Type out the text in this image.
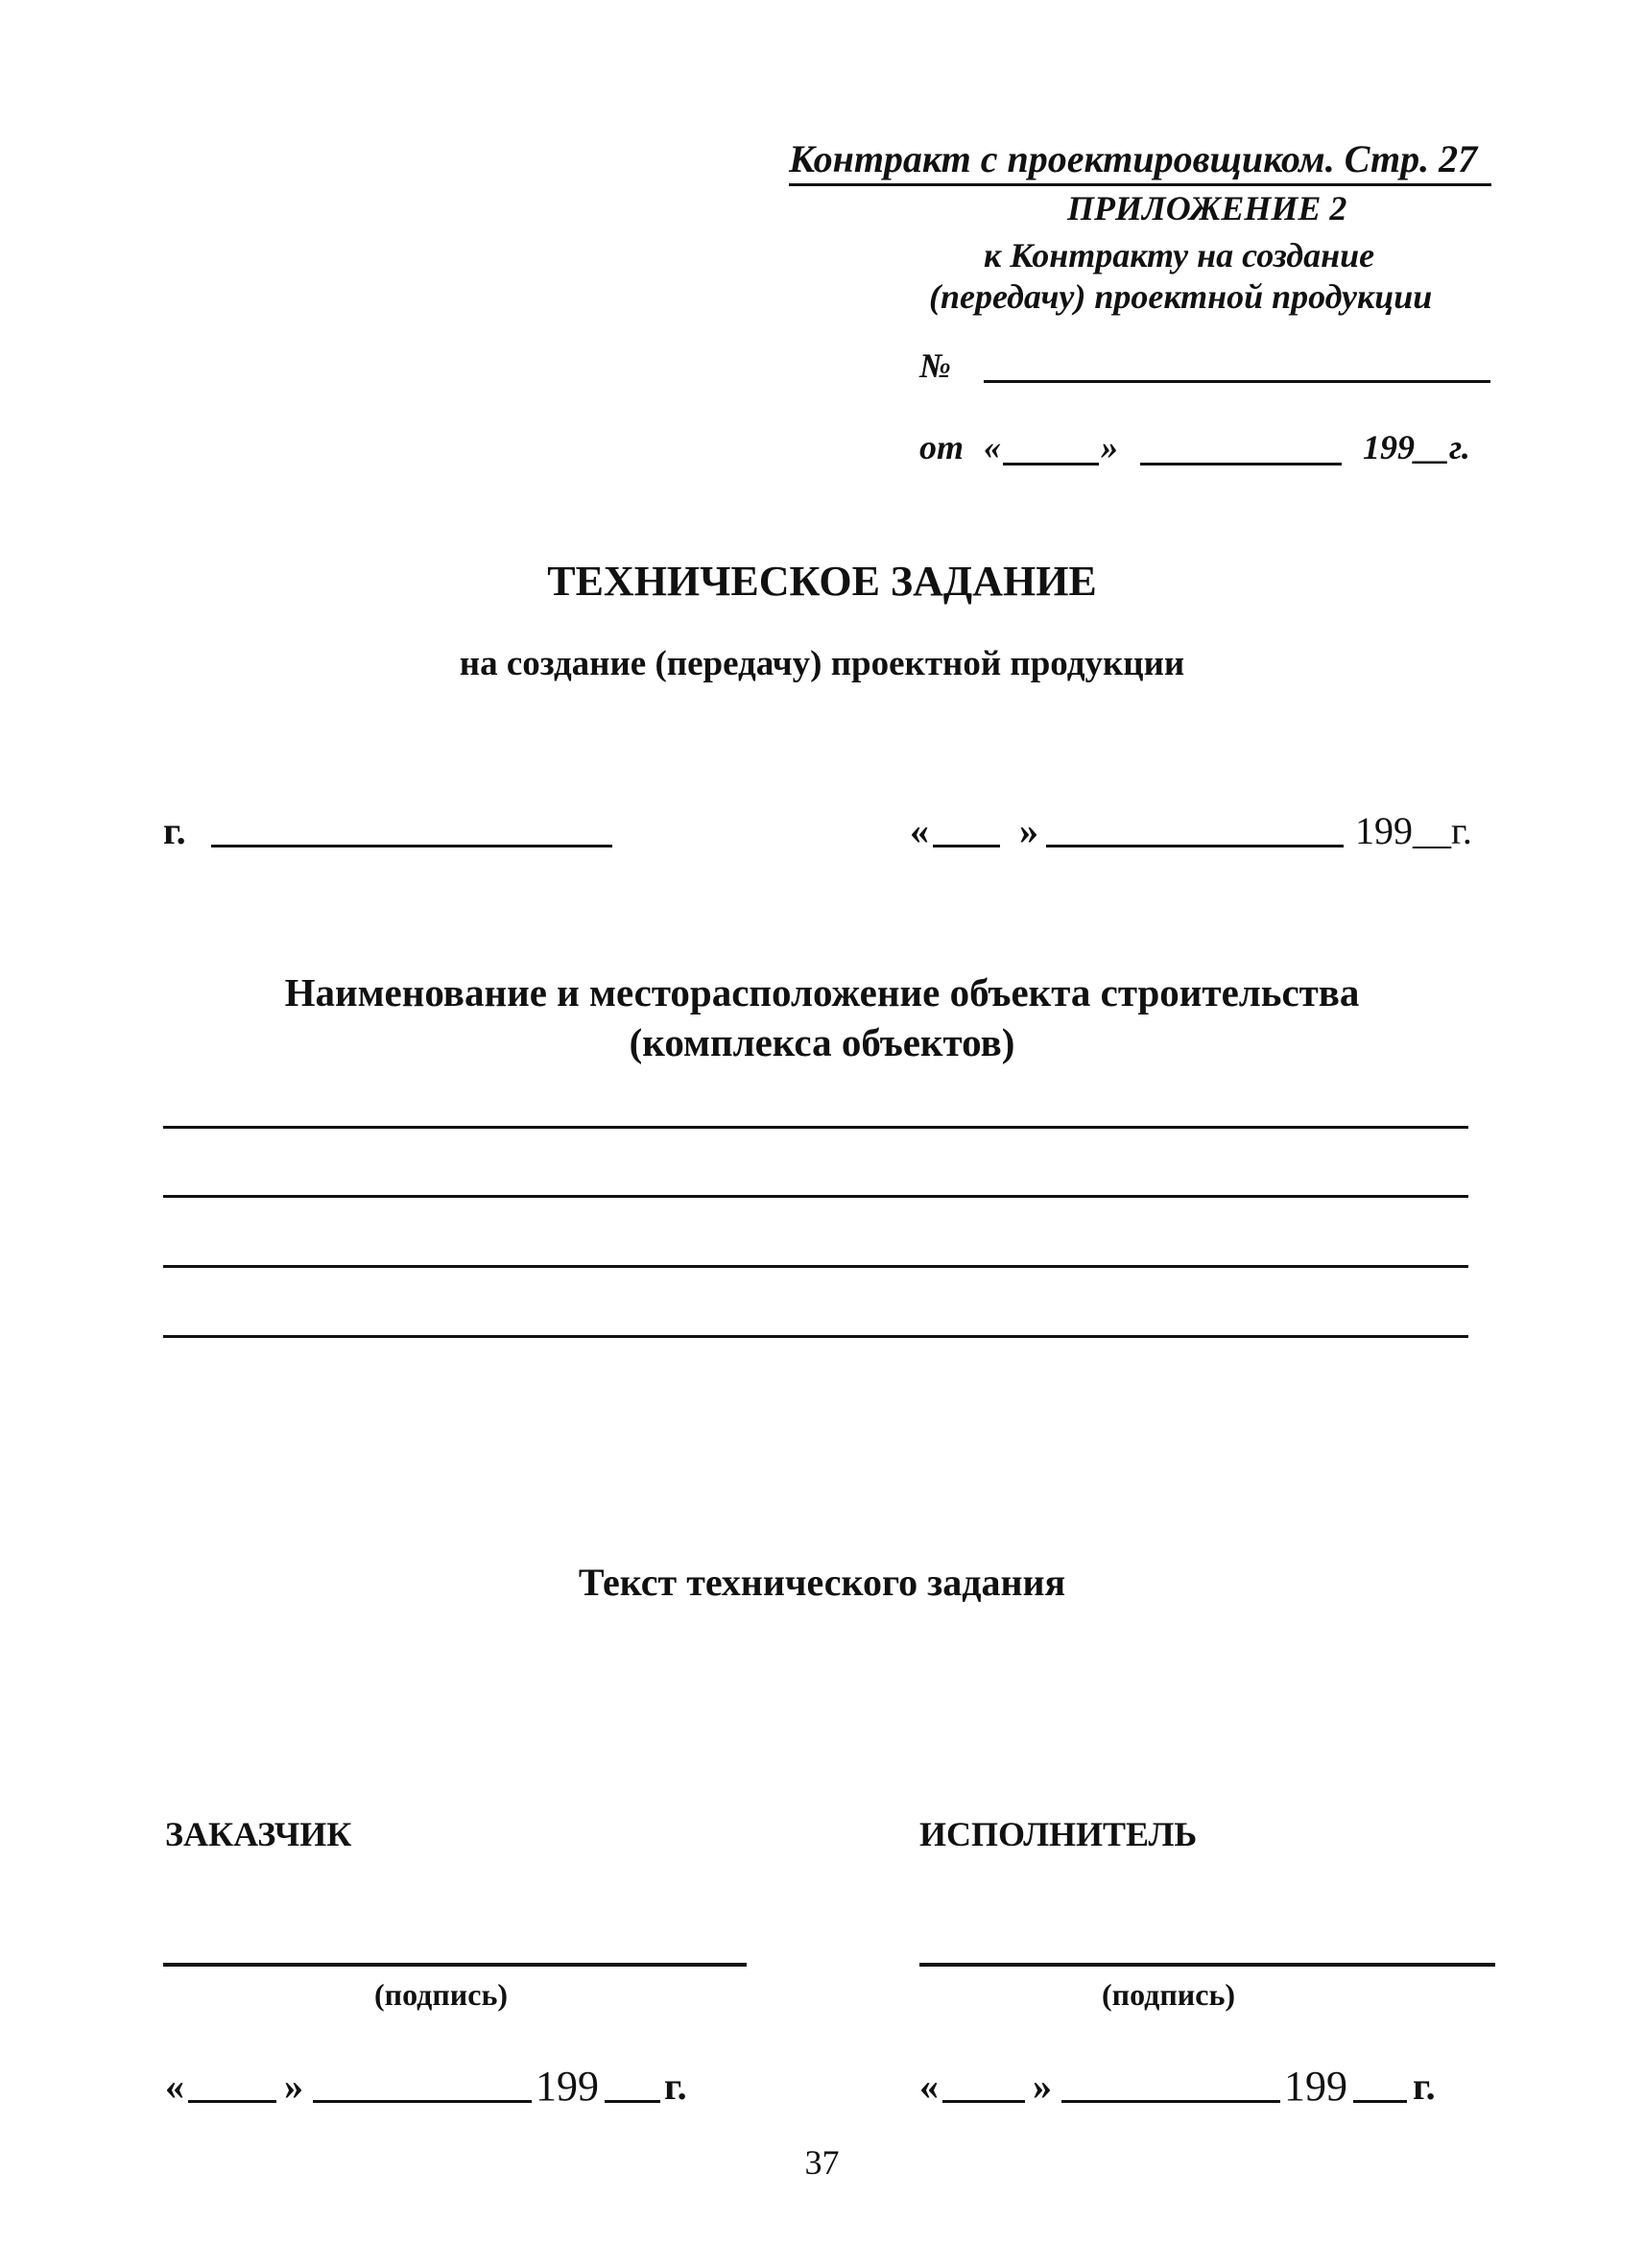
Контракт с проектировщиком. Стр. 27
ПРИЛОЖЕНИЕ 2
к Контракту на создание
(передачу) проектной продукции
№
от «	»	199__г.
ТЕХНИЧЕСКОЕ ЗАДАНИЕ
на создание (передачу) проектной продукции
г.	« »	199__г.
Наименование и месторасположение объекта строительства
(комплекса объектов)
Текст технического задания
ЗАКАЗЧИК
(подпись)
«	»	199 г.
ИСПОЛНИТЕЛЬ
(подпись)
« »	199 г.
37
